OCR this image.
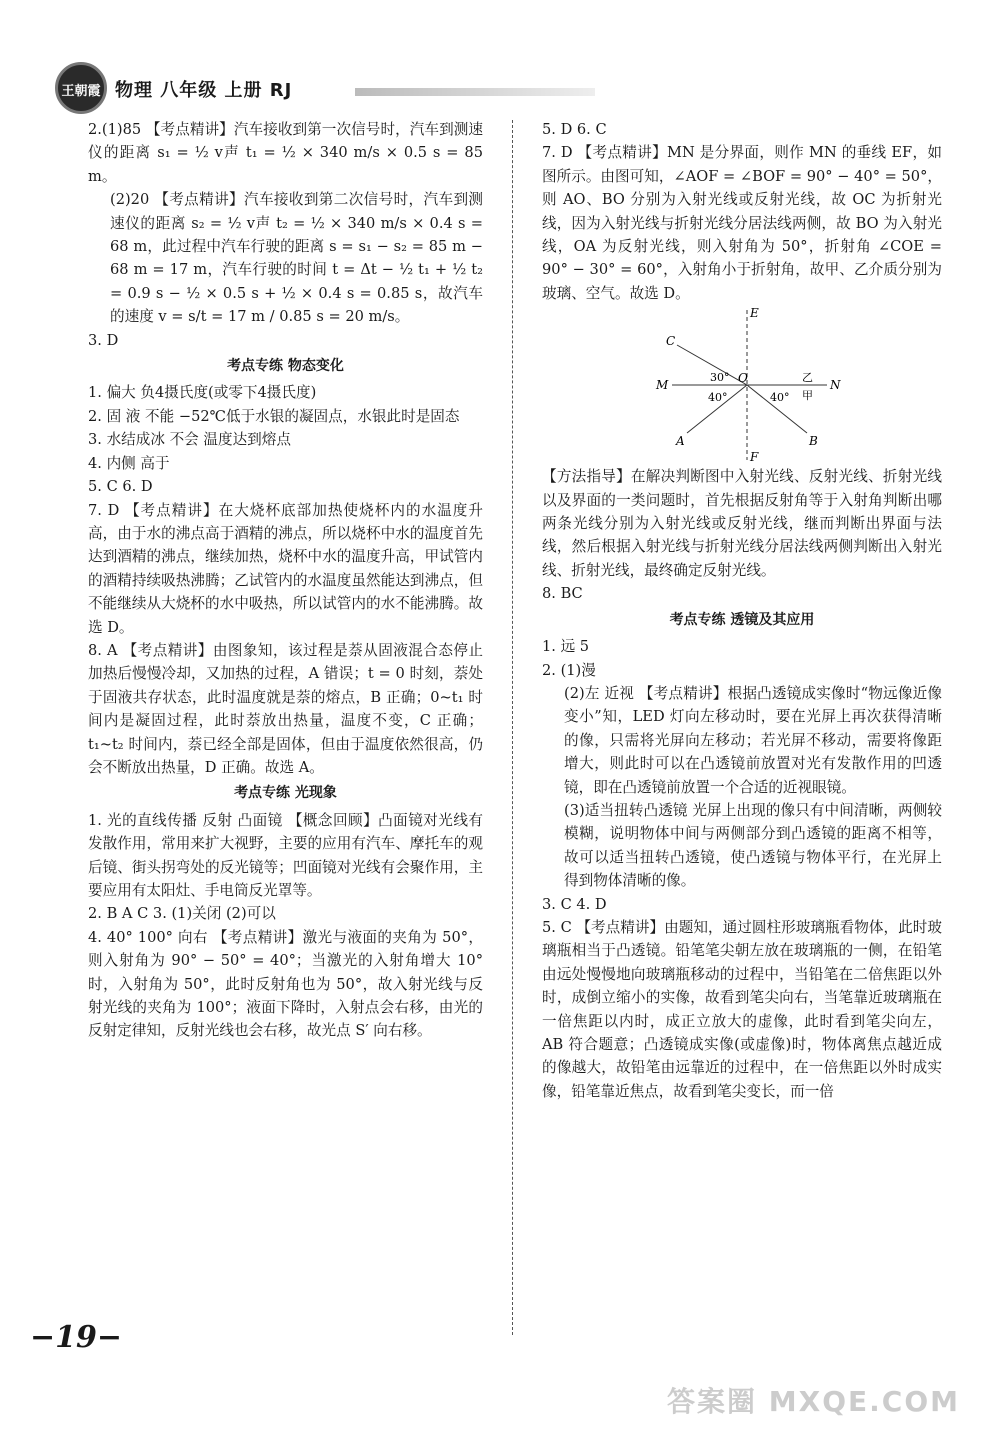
王朝霞 物理 八年级 上册 RJ

2.(1)85 【考点精讲】汽车接收到第一次信号时，汽车到测速仪的距离 s₁ = ½ v声 t₁ = ½ × 340 m/s × 0.5 s = 85 m。

(2)20 【考点精讲】汽车接收到第二次信号时，汽车到测速仪的距离 s₂ = ½ v声 t₂ = ½ × 340 m/s × 0.4 s = 68 m，此过程中汽车行驶的距离 s = s₁ − s₂ = 85 m − 68 m = 17 m，汽车行驶的时间 t = Δt − ½ t₁ + ½ t₂ = 0.9 s − ½ × 0.5 s + ½ × 0.4 s = 0.85 s，故汽车的速度 v = s/t = 17 m / 0.85 s = 20 m/s。

3. D

考点专练 物态变化

1. 偏大 负4摄氏度(或零下4摄氏度)

2. 固 液 不能 −52℃低于水银的凝固点，水银此时是固态

3. 水结成冰 不会 温度达到熔点

4. 内侧 高于

5. C 6. D

7. D 【考点精讲】在大烧杯底部加热使烧杯内的水温度升高，由于水的沸点高于酒精的沸点，所以烧杯中水的温度首先达到酒精的沸点，继续加热，烧杯中水的温度升高，甲试管内的酒精持续吸热沸腾；乙试管内的水温度虽然能达到沸点，但不能继续从大烧杯的水中吸热，所以试管内的水不能沸腾。故选 D。

8. A 【考点精讲】由图象知，该过程是萘从固液混合态停止加热后慢慢冷却，又加热的过程，A 错误；t = 0 时刻，萘处于固液共存状态，此时温度就是萘的熔点，B 正确；0~t₁ 时间内是凝固过程，此时萘放出热量，温度不变，C 正确；t₁~t₂ 时间内，萘已经全部是固体，但由于温度依然很高，仍会不断放出热量，D 正确。故选 A。

考点专练 光现象

1. 光的直线传播 反射 凸面镜 【概念回顾】凸面镜对光线有发散作用，常用来扩大视野，主要的应用有汽车、摩托车的观后镜、街头拐弯处的反光镜等；凹面镜对光线有会聚作用，主要应用有太阳灶、手电筒反光罩等。

2. B A C 3. (1)关闭 (2)可以

4. 40° 100° 向右 【考点精讲】激光与液面的夹角为 50°，则入射角为 90° − 50° = 40°；当激光的入射角增大 10° 时，入射角为 50°，此时反射角也为 50°，故入射光线与反射光线的夹角为 100°；液面下降时，入射点会右移，由光的反射定律知，反射光线也会右移，故光点 S′ 向右移。

5. D 6. C

7. D 【考点精讲】MN 是分界面，则作 MN 的垂线 EF，如图所示。由图可知，∠AOF = ∠BOF = 90° − 40° = 50°，则 AO、BO 分别为入射光线或反射光线，故 OC 为折射光线，因为入射光线与折射光线分居法线两侧，故 BO 为入射光线，OA 为反射光线，则入射角为 50°，折射角 ∠COE = 90° − 30° = 60°，入射角小于折射角，故甲、乙介质分别为玻璃、空气。故选 D。

E
F
M	N
O
A	B
C
30°
40°	40°
乙
甲

【方法指导】在解决判断图中入射光线、反射光线、折射光线以及界面的一类问题时，首先根据反射角等于入射角判断出哪两条光线分别为入射光线或反射光线，继而判断出界面与法线，然后根据入射光线与折射光线分居法线两侧判断出入射光线、折射光线，最终确定反射光线。

8. BC

考点专练 透镜及其应用

1. 远 5

2. (1)漫

(2)左 近视 【考点精讲】根据凸透镜成实像时“物远像近像变小”知，LED 灯向左移动时，要在光屏上再次获得清晰的像，只需将光屏向左移动；若光屏不移动，需要将像距增大，则此时可以在凸透镜前放置对光有发散作用的凹透镜，即在凸透镜前放置一个合适的近视眼镜。

(3)适当扭转凸透镜 光屏上出现的像只有中间清晰，两侧较模糊，说明物体中间与两侧部分到凸透镜的距离不相等，故可以适当扭转凸透镜，使凸透镜与物体平行，在光屏上得到物体清晰的像。

3. C 4. D

5. C 【考点精讲】由题知，通过圆柱形玻璃瓶看物体，此时玻璃瓶相当于凸透镜。铅笔笔尖朝左放在玻璃瓶的一侧，在铅笔由远处慢慢地向玻璃瓶移动的过程中，当铅笔在二倍焦距以外时，成倒立缩小的实像，故看到笔尖向右，当笔靠近玻璃瓶在一倍焦距以内时，成正立放大的虚像，此时看到笔尖向左，AB 符合题意；凸透镜成实像(或虚像)时，物体离焦点越近成的像越大，故铅笔由远靠近的过程中，在一倍焦距以外时成实像，铅笔靠近焦点，故看到笔尖变长，而一倍

−19−
答案圈 MXQE.COM
